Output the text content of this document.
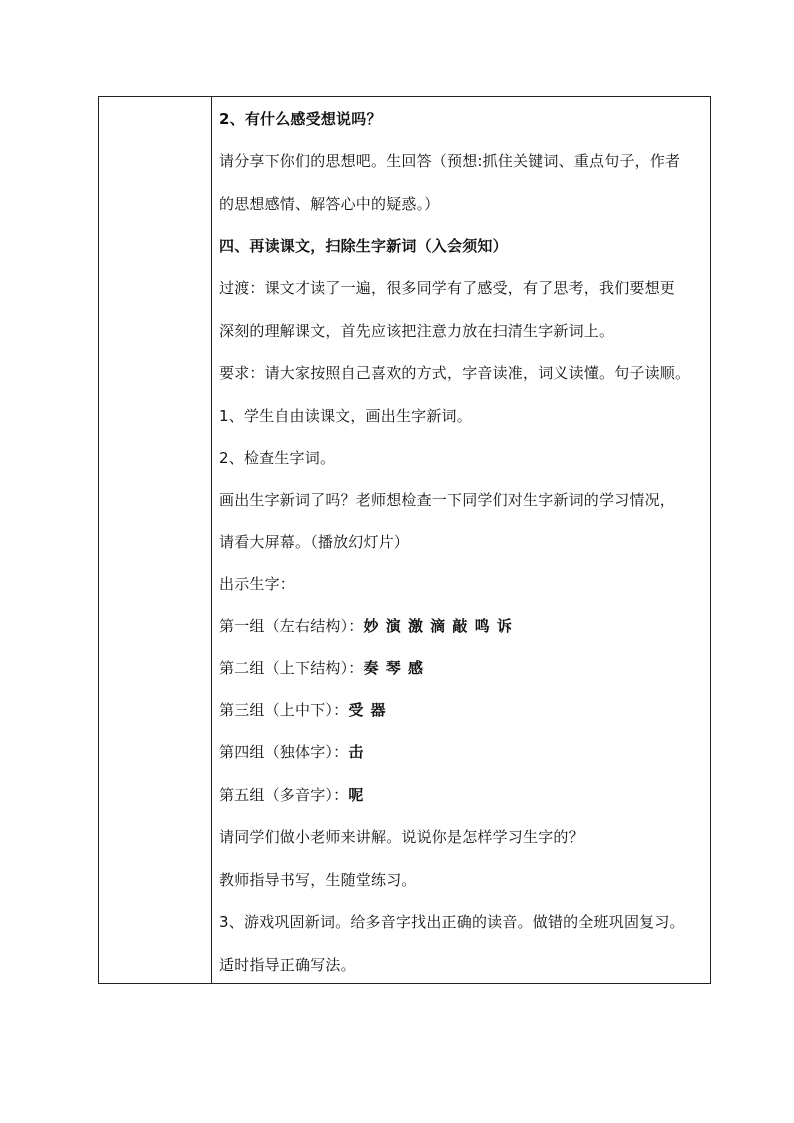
2、有什么感受想说吗？
请分享下你们的思想吧。生回答（预想:抓住关键词、重点句子，作者
的思想感情、解答心中的疑惑。）
四、再读课文，扫除生字新词（入会须知）
过渡：课文才读了一遍，很多同学有了感受，有了思考，我们要想更
深刻的理解课文，首先应该把注意力放在扫清生字新词上。
要求：请大家按照自己喜欢的方式，字音读准，词义读懂。句子读顺。
1、学生自由读课文，画出生字新词。
2、检查生字词。
画出生字新词了吗？老师想检查一下同学们对生字新词的学习情况，
请看大屏幕。（播放幻灯片）
出示生字：
第一组（左右结构）：妙 演 激 滴 敲 鸣 诉
第二组（上下结构）：奏 琴 感
第三组（上中下）：受 器
第四组（独体字）：击
第五组（多音字）：呢
请同学们做小老师来讲解。说说你是怎样学习生字的？
教师指导书写，生随堂练习。
3、游戏巩固新词。给多音字找出正确的读音。做错的全班巩固复习。
适时指导正确写法。
